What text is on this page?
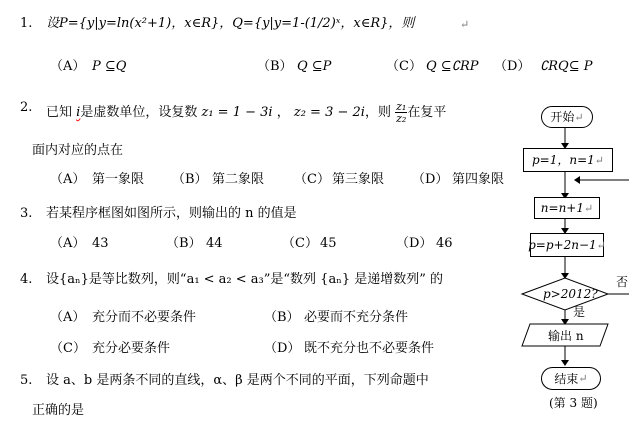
1. 设P={y|y=ln(x²+1)，x∈R}，Q={y|y=1-(1/2)ˣ，x∈R}，则	↵
（A） P ⊆Q	（B） Q ⊆P	（C） Q ⊆∁RP （D） ∁RQ⊆ P
2. 已知 i是虚数单位，设复数 z₁ = 1 − 3i ， z₂ = 3 − 2i，则 $\frac{\text{z₁}}{\text{z₂}}$ 在复平
面内对应的点在
（A） 第一象限 （B） 第二象限 （C） 第三象限 （D） 第四象限
3. 若某程序框图如图所示，则输出的 n 的值是
（A） 43	（B） 44	（C） 45	（D） 46
4. 设{aₙ}是等比数列，则“a₁ < a₂ < a₃”是“数列 {aₙ} 是递增数列” 的
（A） 充分而不必要条件	（B） 必要而不充分条件
（C） 充分必要条件	（D） 既不充分也不必要条件
5. 设 a、b 是两条不同的直线，α、β 是两个不同的平面，下列命题中
正确的是
开始 ↵
p=1，n=1 ↵
n=n+1 ↵
p=p+2n−1 ↵
p>2012?
否
是
输出 n
结束 ↵
(第 3 题)
